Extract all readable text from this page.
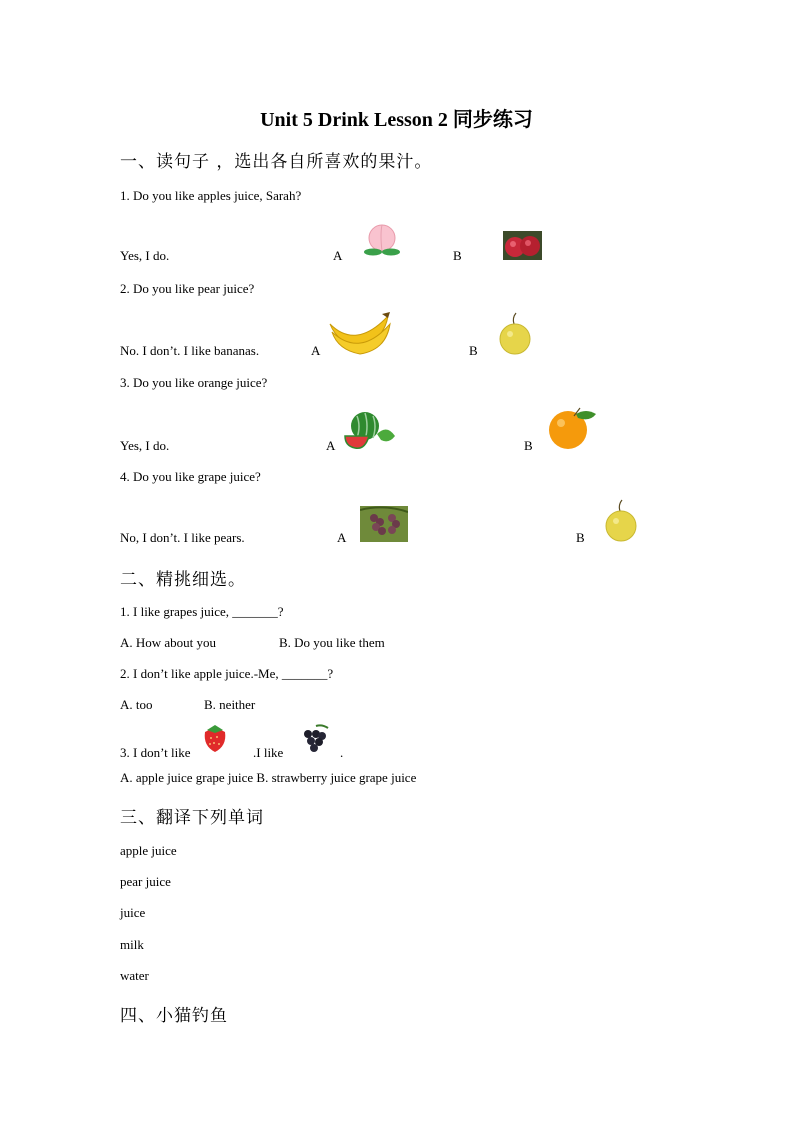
Unit 5 Drink Lesson 2 同步练习
一、读句子 ，选出各自所喜欢的果汁。
1. Do you like apples juice, Sarah?
Yes, I do.	A	B
2. Do you like pear juice?
No. I don’t. I like bananas.	A	B
3. Do you like orange juice?
Yes, I do.	A	B
4. Do you like grape juice?
No, I don’t. I like pears.	A	B
二、精挑细选。
1. I like grapes juice, _______?
A. How about you	B. Do you like them
2. I don’t like apple juice.-Me, _______?
A. too	B. neither
3. I don’t like	.I like	.
A. apple juice grape juice B. strawberry juice grape juice
三、翻译下列单词
apple juice
pear juice
juice
milk
water
四、小猫钓鱼
